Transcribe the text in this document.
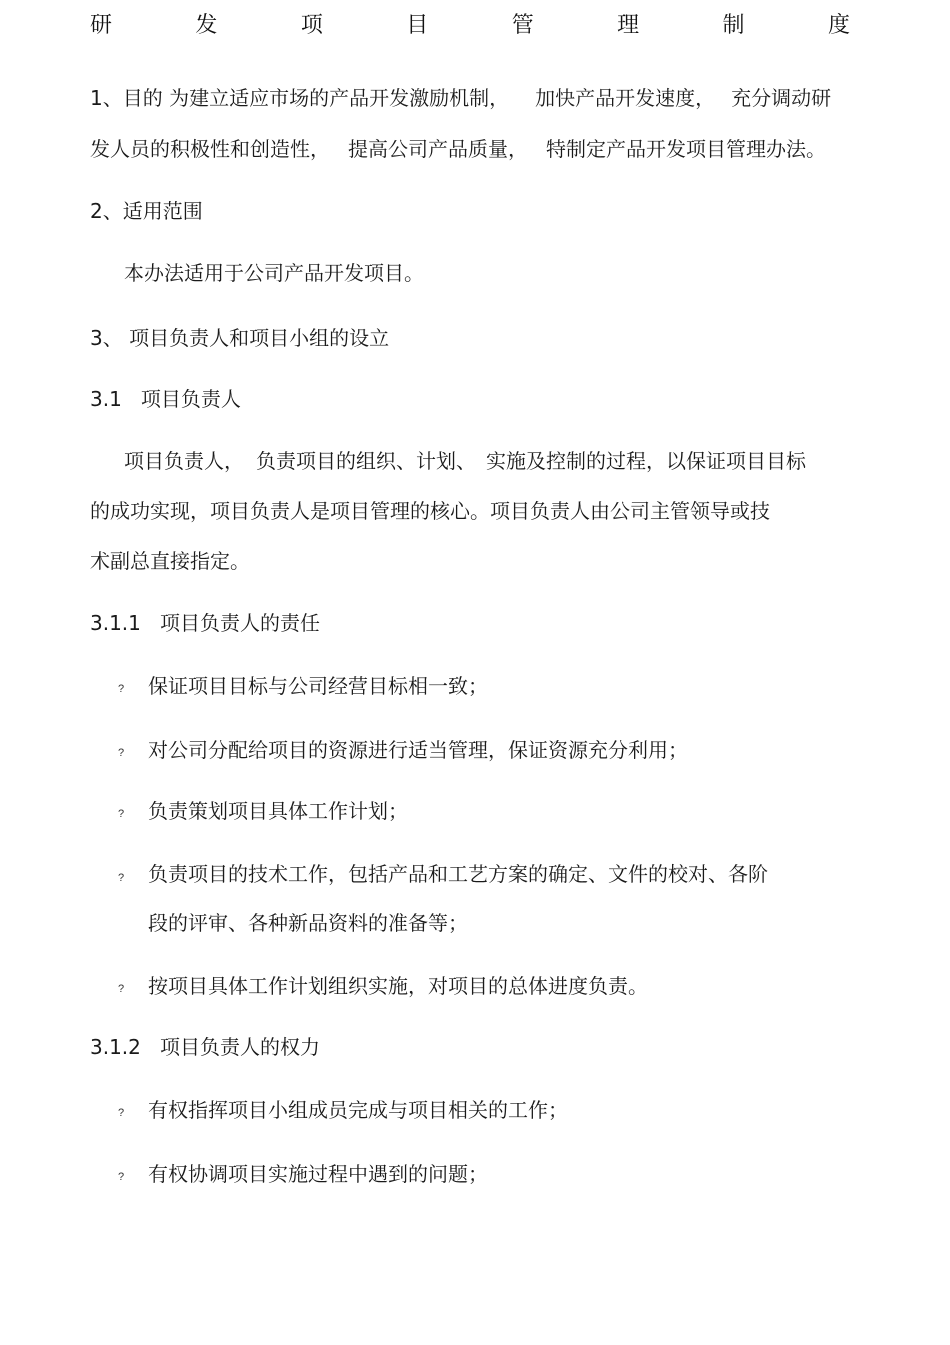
研	发	项	目	管	理	制	度
1、目的 为建立适应市场的产品开发激励机制， 加快产品开发速度， 充分调动研
发人员的积极性和创造性， 提高公司产品质量， 特制定产品开发项目管理办法。
2、适用范围
本办法适用于公司产品开发项目。
3、 项目负责人和项目小组的设立
3.1   项目负责人
项目负责人， 负责项目的组织、计划、 实施及控制的过程，以保证项目目标
的成功实现，项目负责人是项目管理的核心。项目负责人由公司主管领导或技
术副总直接指定。
3.1.1   项目负责人的责任
? 保证项目目标与公司经营目标相一致；
? 对公司分配给项目的资源进行适当管理，保证资源充分利用；
? 负责策划项目具体工作计划；
? 负责项目的技术工作，包括产品和工艺方案的确定、文件的校对、各阶
段的评审、各种新品资料的准备等；
? 按项目具体工作计划组织实施，对项目的总体进度负责。
3.1.2   项目负责人的权力
? 有权指挥项目小组成员完成与项目相关的工作；
? 有权协调项目实施过程中遇到的问题；
